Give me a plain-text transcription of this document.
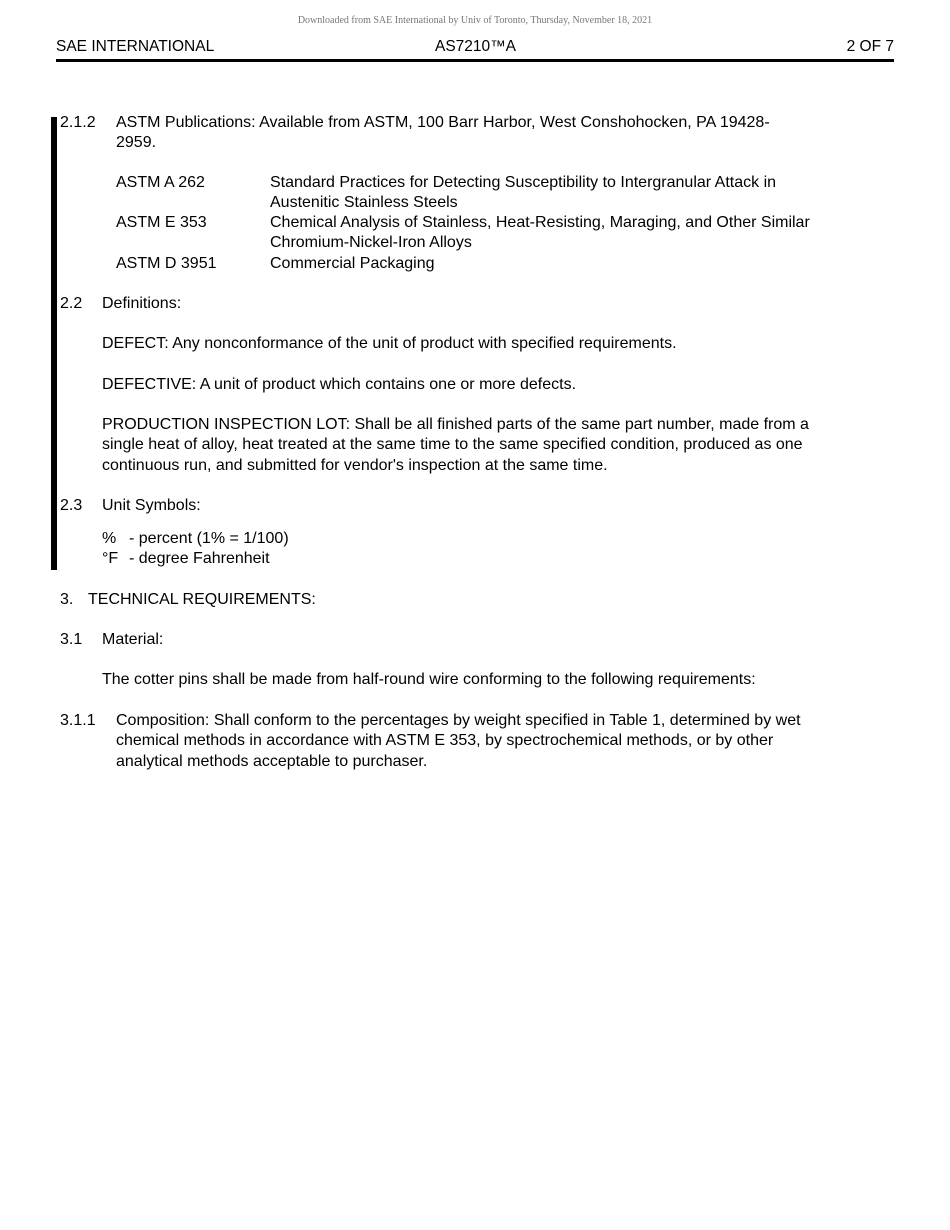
Downloaded from SAE International by Univ of Toronto, Thursday, November 18, 2021
SAE INTERNATIONAL	AS7210™A	2 OF 7
2.1.2 ASTM Publications: Available from ASTM, 100 Barr Harbor, West Conshohocken, PA 19428-
2959.
ASTM A 262	Standard Practices for Detecting Susceptibility to Intergranular Attack in
Austenitic Stainless Steels
ASTM E 353	Chemical Analysis of Stainless, Heat-Resisting, Maraging, and Other Similar
Chromium-Nickel-Iron Alloys
ASTM D 3951	Commercial Packaging
2.2 Definitions:
DEFECT: Any nonconformance of the unit of product with specified requirements.
DEFECTIVE: A unit of product which contains one or more defects.
PRODUCTION INSPECTION LOT: Shall be all finished parts of the same part number, made from a
single heat of alloy, heat treated at the same time to the same specified condition, produced as one
continuous run, and submitted for vendor's inspection at the same time.
2.3 Unit Symbols:
% - percent (1% = 1/100)
°F - degree Fahrenheit
3. TECHNICAL REQUIREMENTS:
3.1 Material:
The cotter pins shall be made from half-round wire conforming to the following requirements:
3.1.1 Composition: Shall conform to the percentages by weight specified in Table 1, determined by wet
chemical methods in accordance with ASTM E 353, by spectrochemical methods, or by other
analytical methods acceptable to purchaser.
